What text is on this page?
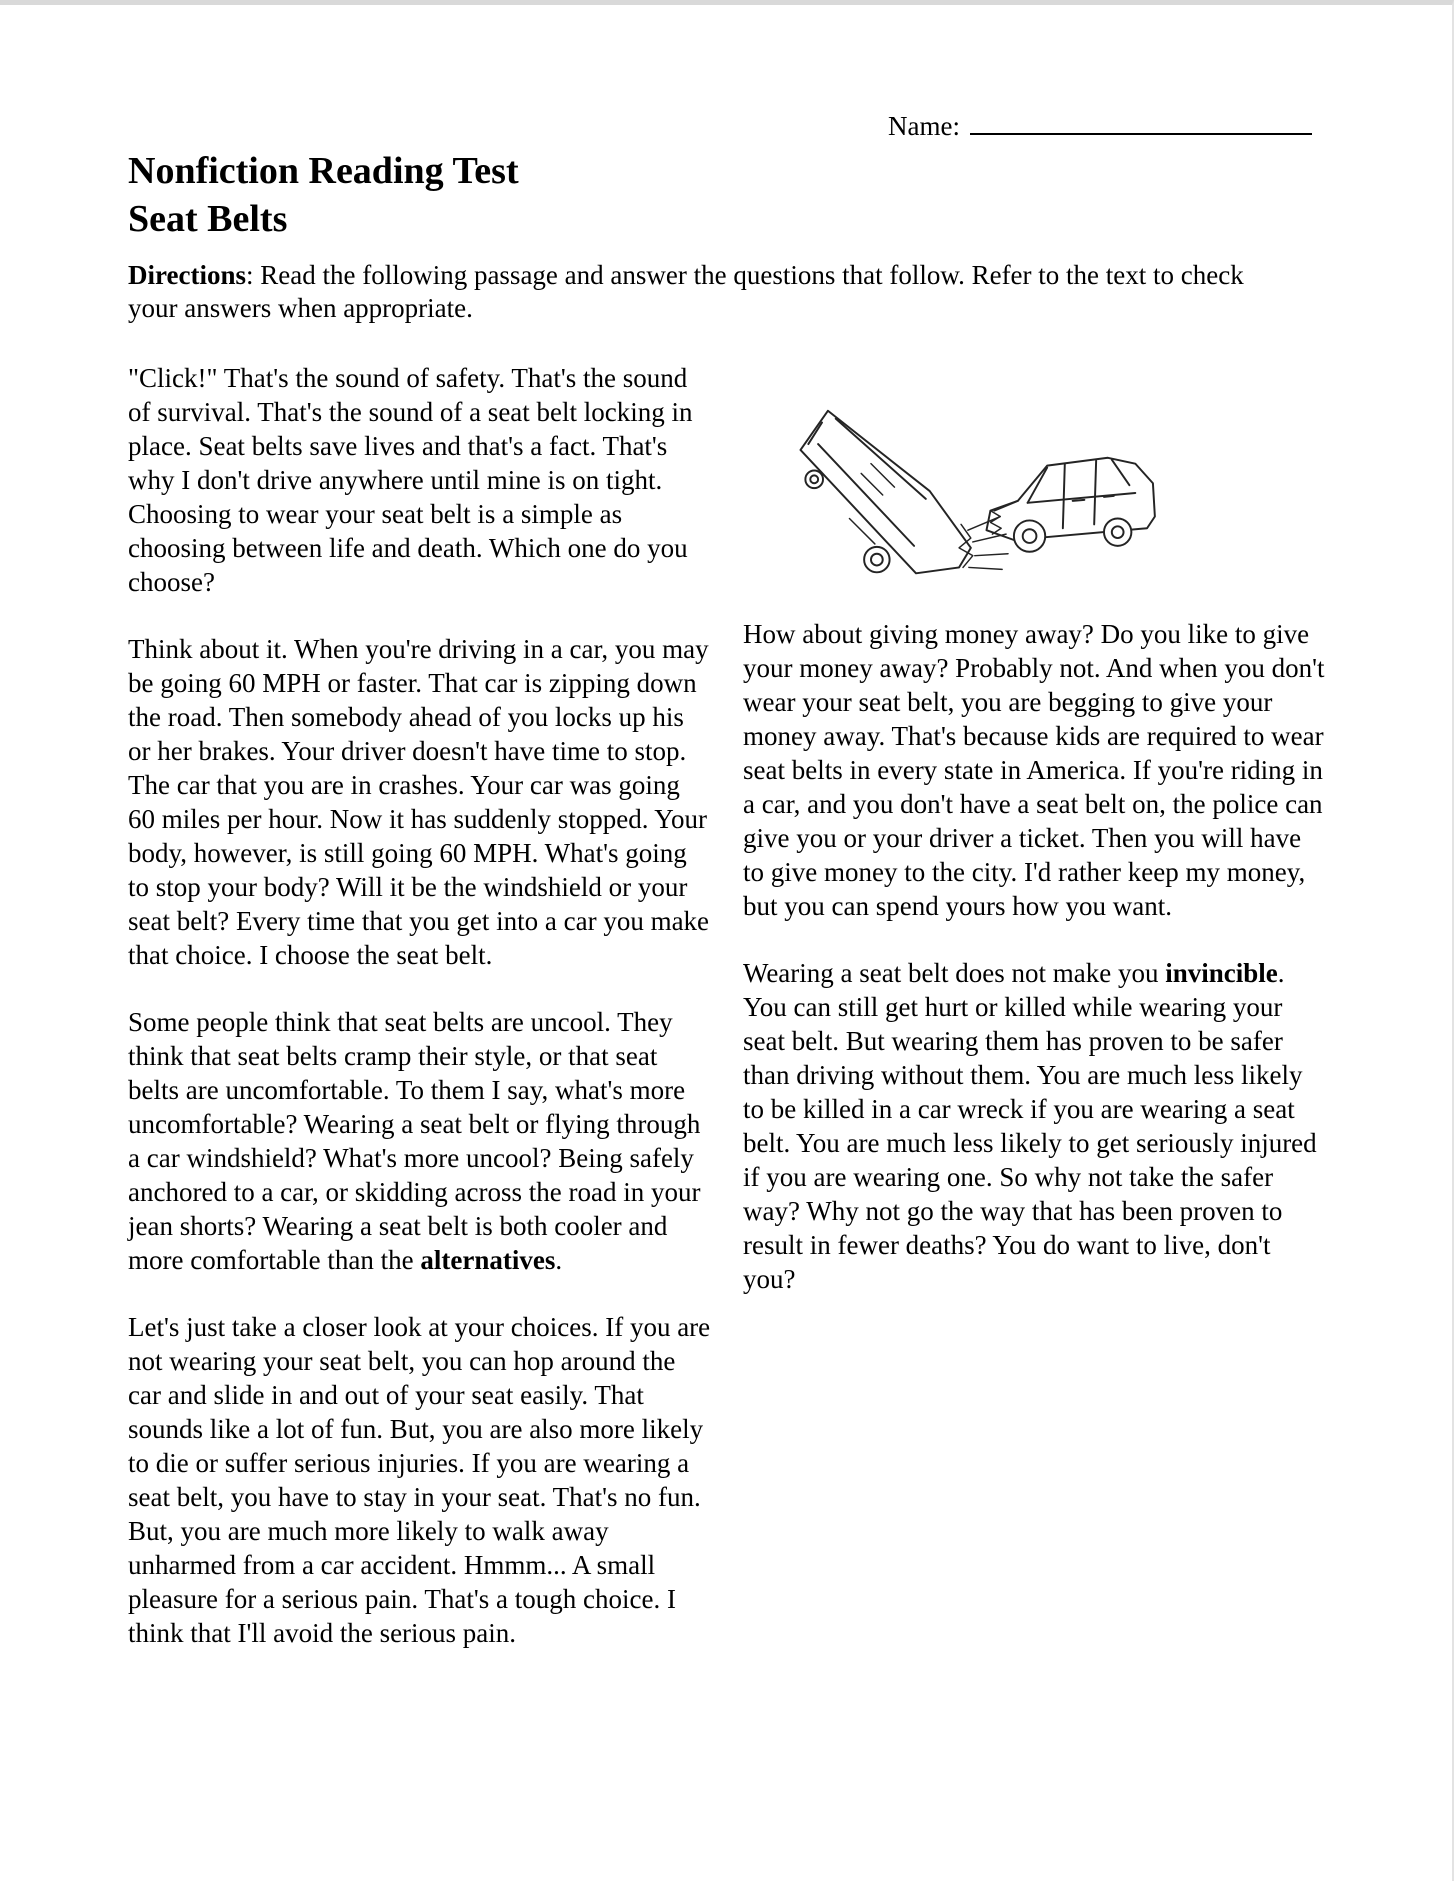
Name:
Nonfiction Reading Test
Seat Belts
Directions: Read the following passage and answer the questions that follow. Refer to the text to check your answers when appropriate.

"Click!" That's the sound of safety. That's the sound of survival. That's the sound of a seat belt locking in place. Seat belts save lives and that's a fact. That's why I don't drive anywhere until mine is on tight. Choosing to wear your seat belt is a simple as choosing between life and death. Which one do you choose?

Think about it. When you're driving in a car, you may be going 60 MPH or faster. That car is zipping down the road. Then somebody ahead of you locks up his or her brakes. Your driver doesn't have time to stop. The car that you are in crashes. Your car was going 60 miles per hour. Now it has suddenly stopped. Your body, however, is still going 60 MPH. What's going to stop your body? Will it be the windshield or your seat belt? Every time that you get into a car you make that choice. I choose the seat belt.

Some people think that seat belts are uncool. They think that seat belts cramp their style, or that seat belts are uncomfortable. To them I say, what's more uncomfortable? Wearing a seat belt or flying through a car windshield? What's more uncool? Being safely anchored to a car, or skidding across the road in your jean shorts? Wearing a seat belt is both cooler and more comfortable than the alternatives.

Let's just take a closer look at your choices. If you are not wearing your seat belt, you can hop around the car and slide in and out of your seat easily. That sounds like a lot of fun. But, you are also more likely to die or suffer serious injuries. If you are wearing a seat belt, you have to stay in your seat. That's no fun. But, you are much more likely to walk away unharmed from a car accident. Hmmm... A small pleasure for a serious pain. That's a tough choice. I think that I'll avoid the serious pain.

How about giving money away? Do you like to give your money away? Probably not. And when you don't wear your seat belt, you are begging to give your money away. That's because kids are required to wear seat belts in every state in America. If you're riding in a car, and you don't have a seat belt on, the police can give you or your driver a ticket. Then you will have to give money to the city. I'd rather keep my money, but you can spend yours how you want.

Wearing a seat belt does not make you invincible. You can still get hurt or killed while wearing your seat belt. But wearing them has proven to be safer than driving without them. You are much less likely to be killed in a car wreck if you are wearing a seat belt. You are much less likely to get seriously injured if you are wearing one. So why not take the safer way? Why not go the way that has been proven to result in fewer deaths? You do want to live, don't you?
